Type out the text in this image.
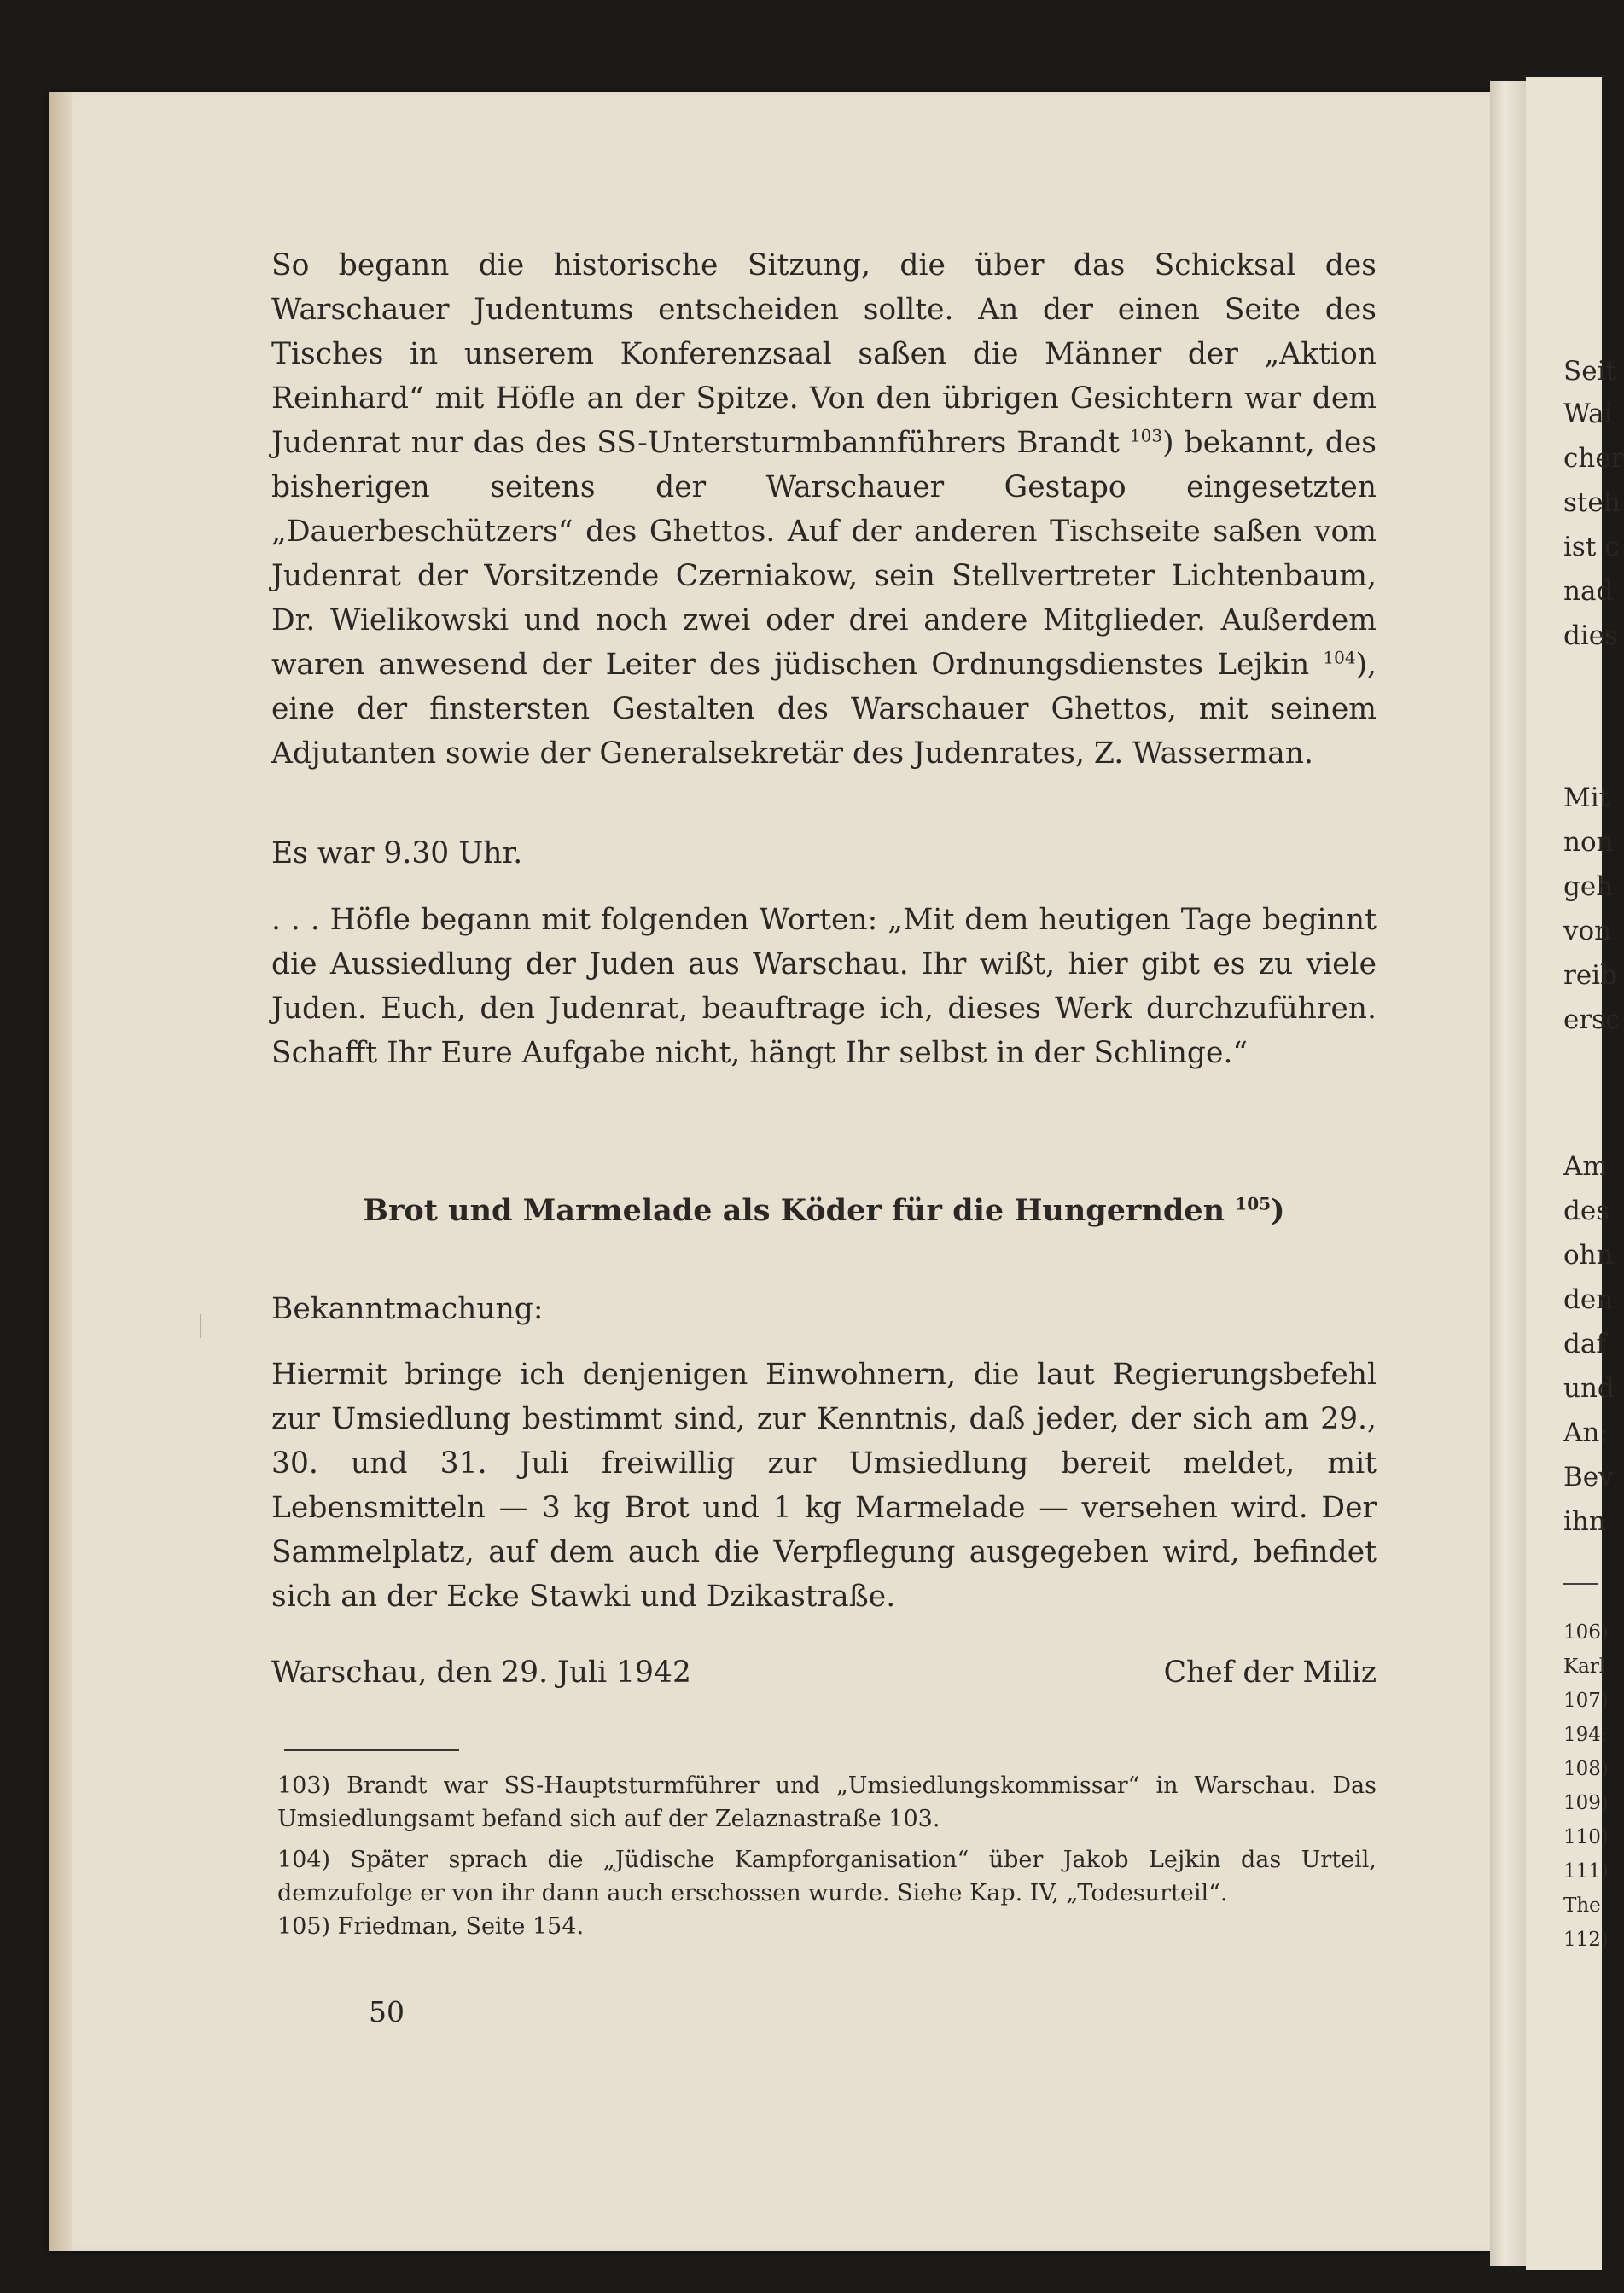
Seit
Wai
cher
steh
ist c
nad
dies
Mit
non
geh
von
reib
ersc
Am
des
ohn
den
daf
und
An:
Bev
ihn
106)
Karl
107)
194:
108)
109)
110)
111)
The
112)

So begann die historische Sitzung, die über das Schicksal des Warschauer Judentums entscheiden sollte. An der einen Seite des Tisches in unserem Konferenzsaal saßen die Männer der „Aktion Reinhard“ mit Höfle an der Spitze. Von den übrigen Gesichtern war dem Judenrat nur das des SS-Untersturmbannführers Brandt $^{103}$) bekannt, des bisherigen seitens der Warschauer Gestapo eingesetzten „Dauerbeschützers“ des Ghettos. Auf der anderen Tischseite saßen vom Judenrat der Vorsitzende Czerniakow, sein Stellvertreter Lichtenbaum, Dr. Wielikowski und noch zwei oder drei andere Mitglieder. Außerdem waren anwesend der Leiter des jüdischen Ordnungsdienstes Lejkin $^{104}$), eine der finstersten Gestalten des Warschauer Ghettos, mit seinem Adjutanten sowie der Generalsekretär des Judenrates, Z. Wasserman.

Es war 9.30 Uhr.

. . . Höfle begann mit folgenden Worten: „Mit dem heutigen Tage beginnt die Aussiedlung der Juden aus Warschau. Ihr wißt, hier gibt es zu viele Juden. Euch, den Judenrat, beauftrage ich, dieses Werk durchzuführen. Schafft Ihr Eure Aufgabe nicht, hängt Ihr selbst in der Schlinge.“

Brot und Marmelade als Köder für die Hungernden $^{105}$)

Bekanntmachung:

Hiermit bringe ich denjenigen Einwohnern, die laut Regierungsbefehl zur Umsiedlung bestimmt sind, zur Kenntnis, daß jeder, der sich am 29., 30. und 31. Juli freiwillig zur Umsiedlung bereit meldet, mit Lebensmitteln — 3 kg Brot und 1 kg Marmelade — versehen wird. Der Sammelplatz, auf dem auch die Verpflegung ausgegeben wird, befindet sich an der Ecke Stawki und Dzikastraße.

Warschau, den 29. Juli 1942	Chef der Miliz

103) Brandt war SS-Hauptsturmführer und „Umsiedlungskommissar“ in Warschau. Das Umsiedlungsamt befand sich auf der Zelaznastraße 103.

104) Später sprach die „Jüdische Kampforganisation“ über Jakob Lejkin das Urteil, demzufolge er von ihr dann auch erschossen wurde. Siehe Kap. IV, „Todesurteil“.

105) Friedman, Seite 154.

50
